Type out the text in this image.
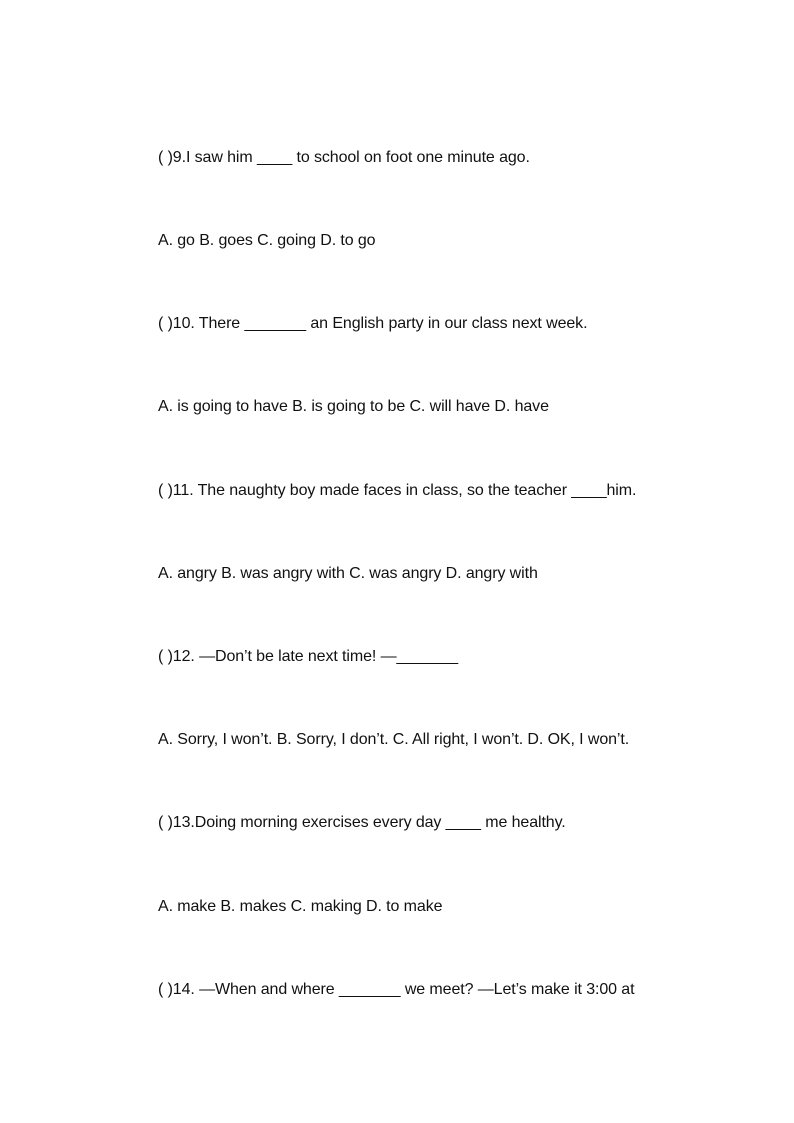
( )9.I saw him ____ to school on foot one minute ago.
A. go B. goes C. going D. to go
( )10. There _______ an English party in our class next week.
A. is going to have B. is going to be C. will have D. have
( )11. The naughty boy made faces in class, so the teacher ____him.
A. angry B. was angry with C. was angry D. angry with
( )12. —Don’t be late next time! —_______
A. Sorry, I won’t. B. Sorry, I don’t. C. All right, I won’t. D. OK, I won’t.
( )13.Doing morning exercises every day ____ me healthy.
A. make B. makes C. making D. to make
( )14. —When and where _______ we meet? —Let’s make it 3:00 at
